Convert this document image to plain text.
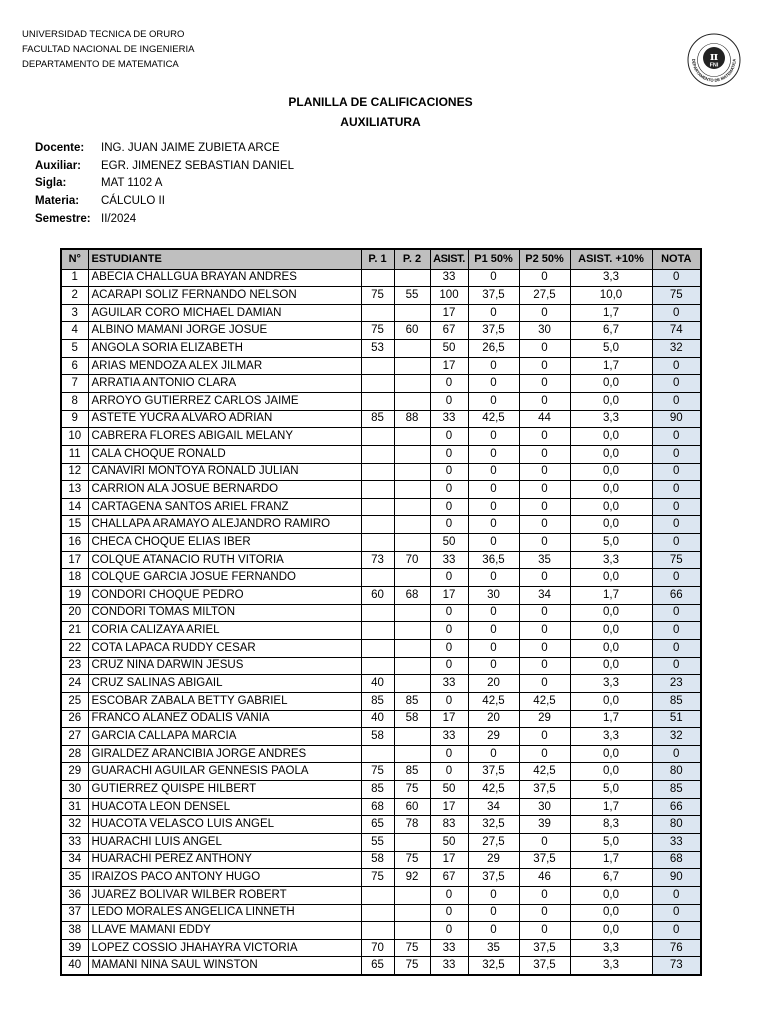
UNIVERSIDAD TECNICA DE ORURO
FACULTAD NACIONAL DE INGENIERIA
DEPARTAMENTO DE MATEMATICA
π
FNI
DEPARTAMENTO DE MATEMATICA
PLANILLA DE CALIFICACIONES
AUXILIATURA
Docente:	ING. JUAN JAIME ZUBIETA ARCE
Auxiliar:	EGR. JIMENEZ SEBASTIAN DANIEL
Sigla:	MAT 1102 A
Materia:	CÁLCULO II
Semestre: II/2024
N°	ESTUDIANTE	P. 1	P. 2	ASIST.	P1 50%	P2 50%	ASIST. +10%	NOTA
1	ABECIA CHALLGUA BRAYAN ANDRES			33	0	0	3,3	0
2	ACARAPI SOLIZ FERNANDO NELSON	75	55	100	37,5	27,5	10,0	75
3	AGUILAR CORO MICHAEL DAMIAN			17	0	0	1,7	0
4	ALBINO MAMANI JORGE JOSUE	75	60	67	37,5	30	6,7	74
5	ANGOLA SORIA ELIZABETH	53		50	26,5	0	5,0	32
6	ARIAS MENDOZA ALEX JILMAR			17	0	0	1,7	0
7	ARRATIA ANTONIO CLARA			0	0	0	0,0	0
8	ARROYO GUTIERREZ CARLOS JAIME			0	0	0	0,0	0
9	ASTETE YUCRA ALVARO ADRIAN	85	88	33	42,5	44	3,3	90
10	CABRERA FLORES ABIGAIL MELANY			0	0	0	0,0	0
11	CALA CHOQUE RONALD			0	0	0	0,0	0
12	CANAVIRI MONTOYA RONALD JULIAN			0	0	0	0,0	0
13	CARRION ALA JOSUE BERNARDO			0	0	0	0,0	0
14	CARTAGENA SANTOS ARIEL FRANZ			0	0	0	0,0	0
15	CHALLAPA ARAMAYO ALEJANDRO RAMIRO			0	0	0	0,0	0
16	CHECA CHOQUE ELIAS IBER			50	0	0	5,0	0
17	COLQUE ATANACIO RUTH VITORIA	73	70	33	36,5	35	3,3	75
18	COLQUE GARCIA JOSUE FERNANDO			0	0	0	0,0	0
19	CONDORI CHOQUE PEDRO	60	68	17	30	34	1,7	66
20	CONDORI TOMAS MILTON			0	0	0	0,0	0
21	CORIA CALIZAYA ARIEL			0	0	0	0,0	0
22	COTA LAPACA RUDDY CESAR			0	0	0	0,0	0
23	CRUZ NINA DARWIN JESUS			0	0	0	0,0	0
24	CRUZ SALINAS ABIGAIL	40		33	20	0	3,3	23
25	ESCOBAR ZABALA BETTY GABRIEL	85	85	0	42,5	42,5	0,0	85
26	FRANCO ALANEZ ODALIS VANIA	40	58	17	20	29	1,7	51
27	GARCIA CALLAPA MARCIA	58		33	29	0	3,3	32
28	GIRALDEZ ARANCIBIA JORGE ANDRES			0	0	0	0,0	0
29	GUARACHI AGUILAR GENNESIS PAOLA	75	85	0	37,5	42,5	0,0	80
30	GUTIERREZ QUISPE HILBERT	85	75	50	42,5	37,5	5,0	85
31	HUACOTA LEON DENSEL	68	60	17	34	30	1,7	66
32	HUACOTA VELASCO LUIS ANGEL	65	78	83	32,5	39	8,3	80
33	HUARACHI LUIS ANGEL	55		50	27,5	0	5,0	33
34	HUARACHI PEREZ ANTHONY	58	75	17	29	37,5	1,7	68
35	IRAIZOS PACO ANTONY HUGO	75	92	67	37,5	46	6,7	90
36	JUAREZ BOLIVAR WILBER ROBERT			0	0	0	0,0	0
37	LEDO MORALES ANGELICA LINNETH			0	0	0	0,0	0
38	LLAVE MAMANI EDDY			0	0	0	0,0	0
39	LOPEZ COSSIO JHAHAYRA VICTORIA	70	75	33	35	37,5	3,3	76
40	MAMANI NINA SAUL WINSTON	65	75	33	32,5	37,5	3,3	73
